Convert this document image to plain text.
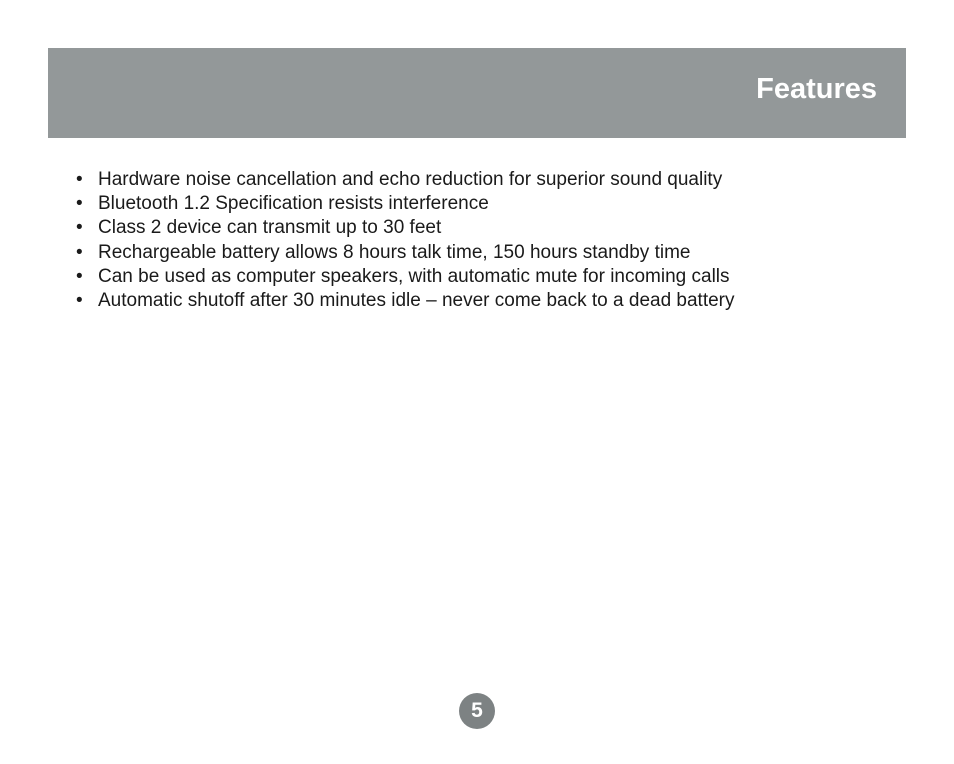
Features
• Hardware noise cancellation and echo reduction for superior sound quality
• Bluetooth 1.2 Specification resists interference
• Class 2 device can transmit up to 30 feet
• Rechargeable battery allows 8 hours talk time, 150 hours standby time
• Can be used as computer speakers, with automatic mute for incoming calls
• Automatic shutoff after 30 minutes idle – never come back to a dead battery
5
